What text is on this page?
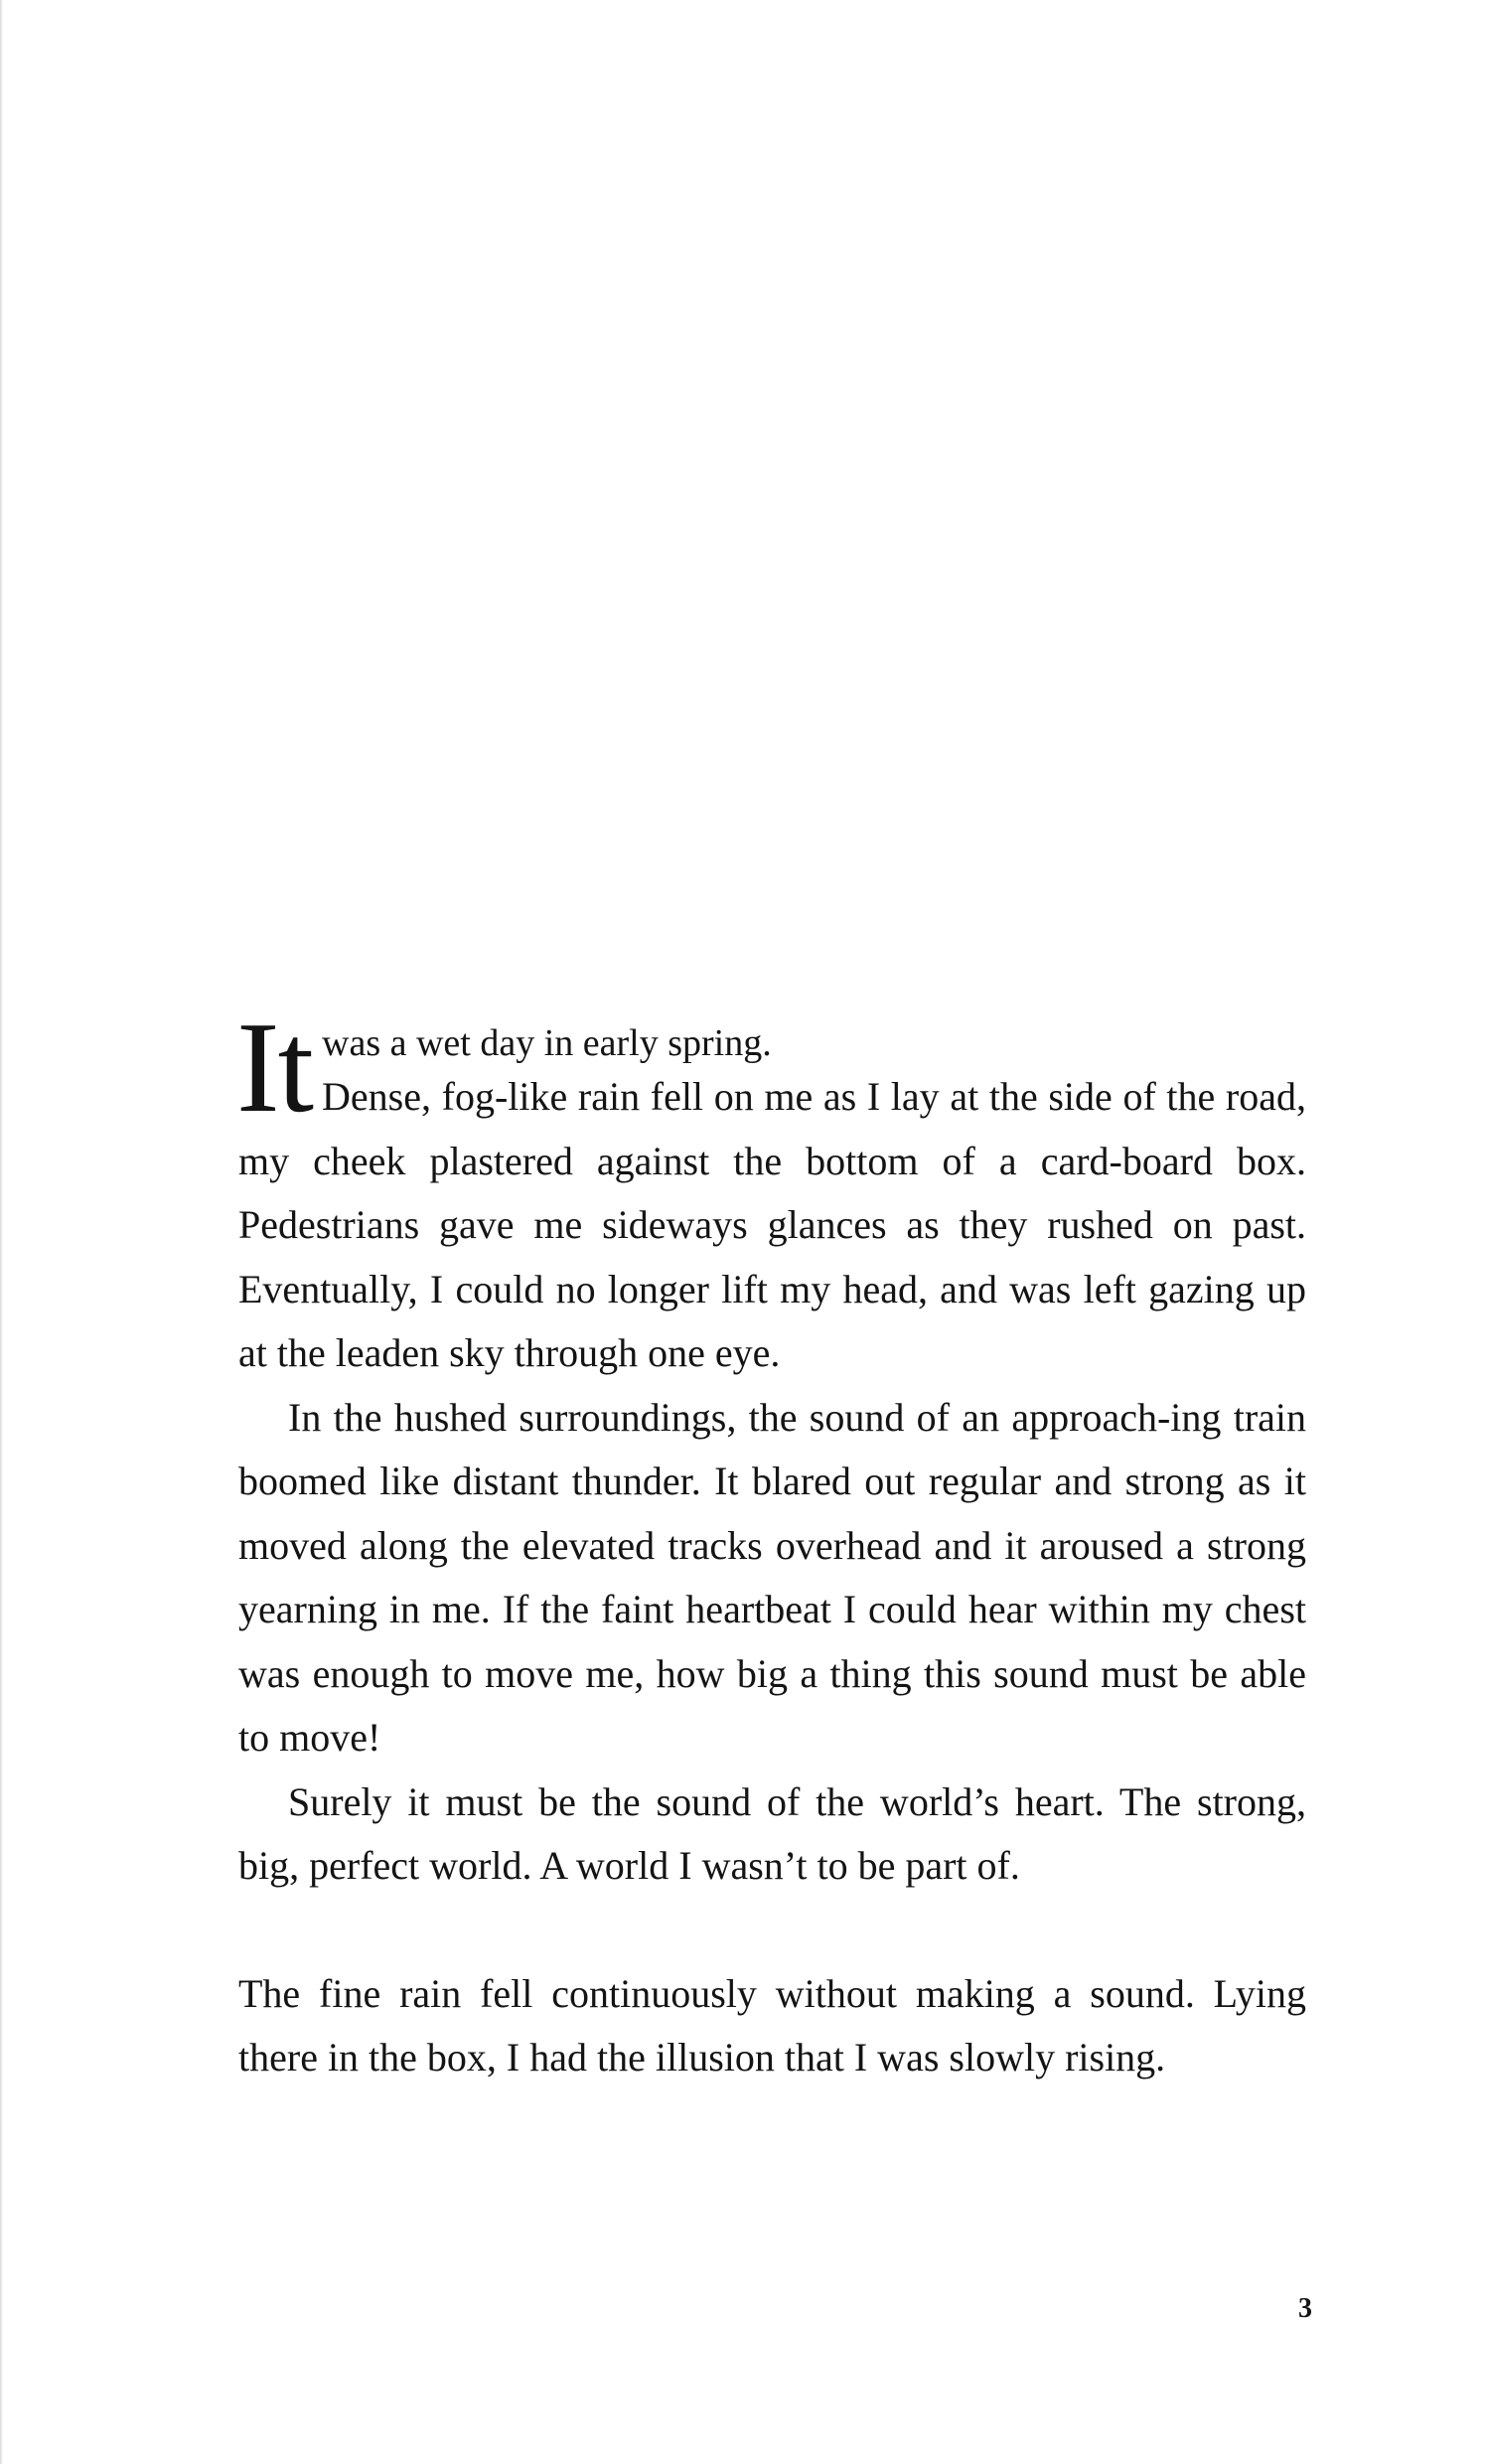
It was a wet day in early spring.
Dense, fog-like rain fell on me as I lay at the side of the road, my cheek plastered against the bottom of a card-board box. Pedestrians gave me sideways glances as they rushed on past. Eventually, I could no longer lift my head, and was left gazing up at the leaden sky through one eye.

In the hushed surroundings, the sound of an approach-ing train boomed like distant thunder. It blared out regular and strong as it moved along the elevated tracks overhead and it aroused a strong yearning in me. If the faint heartbeat I could hear within my chest was enough to move me, how big a thing this sound must be able to move!

Surely it must be the sound of the world’s heart. The strong, big, perfect world. A world I wasn’t to be part of.

The fine rain fell continuously without making a sound. Lying there in the box, I had the illusion that I was slowly rising.

3
